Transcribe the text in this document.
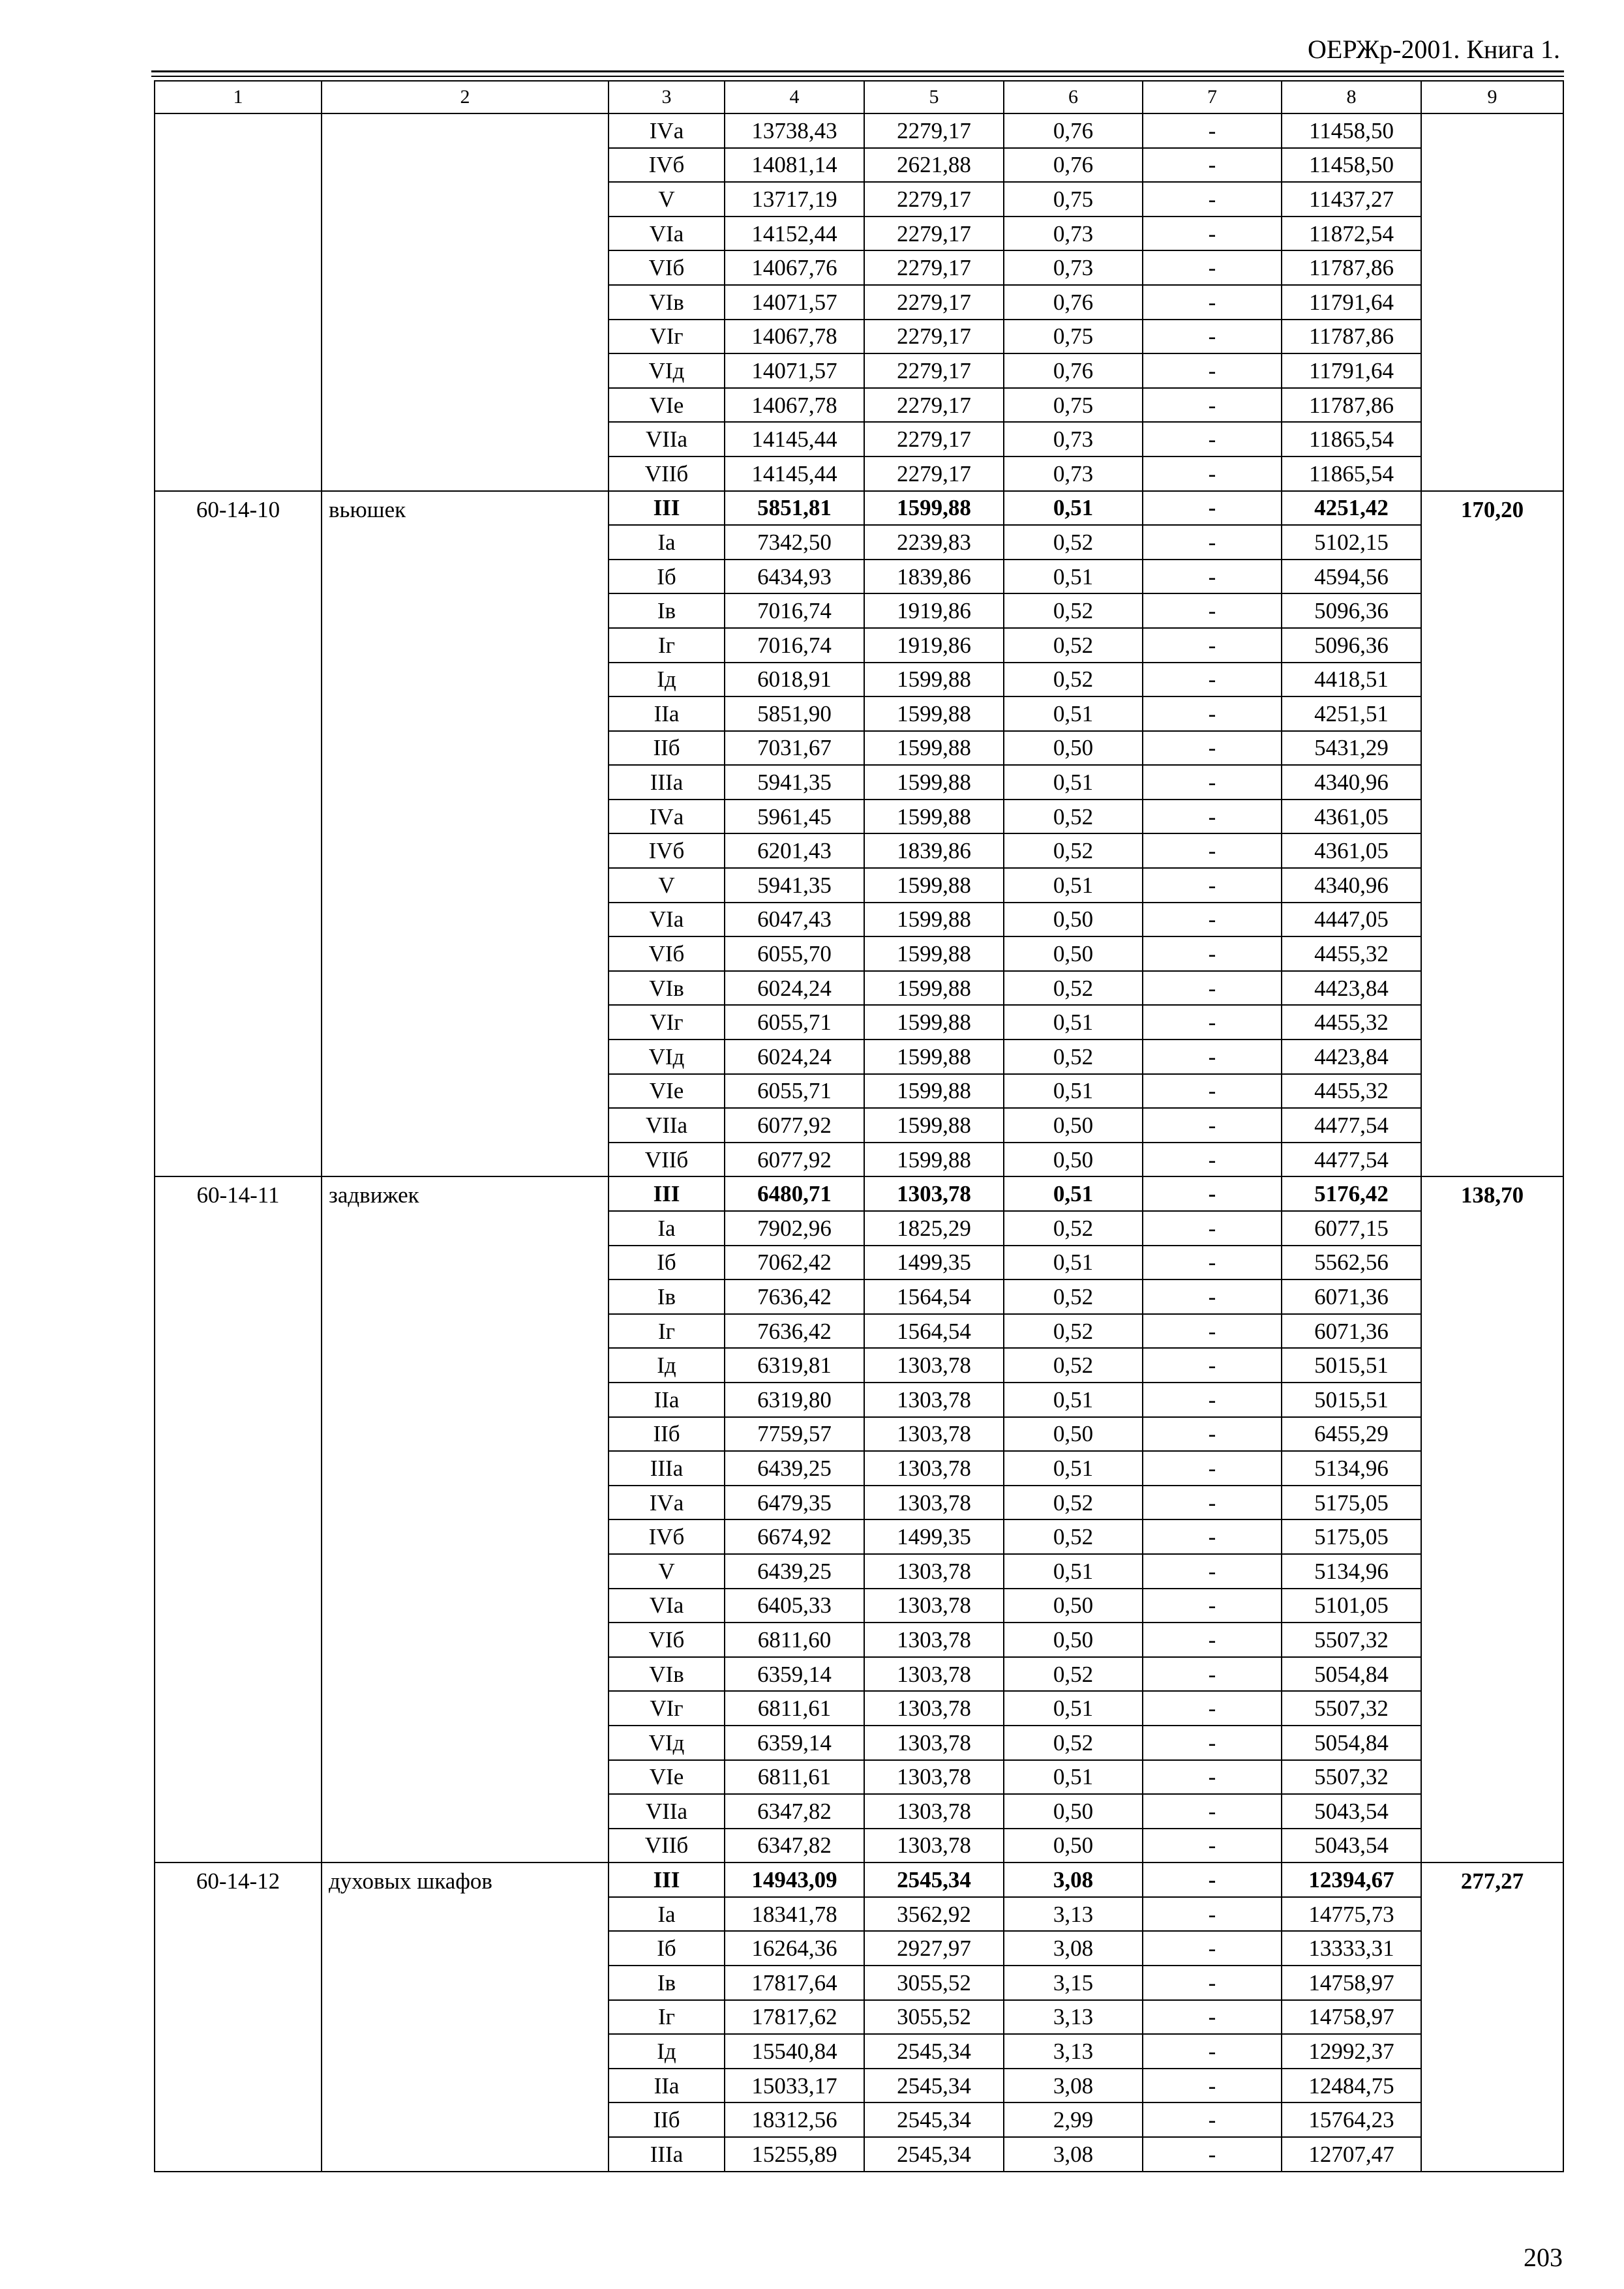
ОЕРЖр-2001. Книга 1.
1	2	3	4	5	6	7	8	9
		IVа	13738,43	2279,17	0,76	-	11458,50	
		IVб	14081,14	2621,88	0,76	-	11458,50	
		V	13717,19	2279,17	0,75	-	11437,27	
		VIа	14152,44	2279,17	0,73	-	11872,54	
		VIб	14067,76	2279,17	0,73	-	11787,86	
		VIв	14071,57	2279,17	0,76	-	11791,64	
		VIг	14067,78	2279,17	0,75	-	11787,86	
		VIд	14071,57	2279,17	0,76	-	11791,64	
		VIе	14067,78	2279,17	0,75	-	11787,86	
		VIIа	14145,44	2279,17	0,73	-	11865,54	
		VIIб	14145,44	2279,17	0,73	-	11865,54	
60-14-10	вьюшек	III	5851,81	1599,88	0,51	-	4251,42	170,20
		Iа	7342,50	2239,83	0,52	-	5102,15	
		Iб	6434,93	1839,86	0,51	-	4594,56	
		Iв	7016,74	1919,86	0,52	-	5096,36	
		Iг	7016,74	1919,86	0,52	-	5096,36	
		Iд	6018,91	1599,88	0,52	-	4418,51	
		IIа	5851,90	1599,88	0,51	-	4251,51	
		IIб	7031,67	1599,88	0,50	-	5431,29	
		IIIа	5941,35	1599,88	0,51	-	4340,96	
		IVа	5961,45	1599,88	0,52	-	4361,05	
		IVб	6201,43	1839,86	0,52	-	4361,05	
		V	5941,35	1599,88	0,51	-	4340,96	
		VIа	6047,43	1599,88	0,50	-	4447,05	
		VIб	6055,70	1599,88	0,50	-	4455,32	
		VIв	6024,24	1599,88	0,52	-	4423,84	
		VIг	6055,71	1599,88	0,51	-	4455,32	
		VIд	6024,24	1599,88	0,52	-	4423,84	
		VIе	6055,71	1599,88	0,51	-	4455,32	
		VIIа	6077,92	1599,88	0,50	-	4477,54	
		VIIб	6077,92	1599,88	0,50	-	4477,54	
60-14-11	задвижек	III	6480,71	1303,78	0,51	-	5176,42	138,70
		Iа	7902,96	1825,29	0,52	-	6077,15	
		Iб	7062,42	1499,35	0,51	-	5562,56	
		Iв	7636,42	1564,54	0,52	-	6071,36	
		Iг	7636,42	1564,54	0,52	-	6071,36	
		Iд	6319,81	1303,78	0,52	-	5015,51	
		IIа	6319,80	1303,78	0,51	-	5015,51	
		IIб	7759,57	1303,78	0,50	-	6455,29	
		IIIа	6439,25	1303,78	0,51	-	5134,96	
		IVа	6479,35	1303,78	0,52	-	5175,05	
		IVб	6674,92	1499,35	0,52	-	5175,05	
		V	6439,25	1303,78	0,51	-	5134,96	
		VIа	6405,33	1303,78	0,50	-	5101,05	
		VIб	6811,60	1303,78	0,50	-	5507,32	
		VIв	6359,14	1303,78	0,52	-	5054,84	
		VIг	6811,61	1303,78	0,51	-	5507,32	
		VIд	6359,14	1303,78	0,52	-	5054,84	
		VIе	6811,61	1303,78	0,51	-	5507,32	
		VIIа	6347,82	1303,78	0,50	-	5043,54	
		VIIб	6347,82	1303,78	0,50	-	5043,54	
60-14-12	духовых шкафов	III	14943,09	2545,34	3,08	-	12394,67	277,27
		Iа	18341,78	3562,92	3,13	-	14775,73	
		Iб	16264,36	2927,97	3,08	-	13333,31	
		Iв	17817,64	3055,52	3,15	-	14758,97	
		Iг	17817,62	3055,52	3,13	-	14758,97	
		Iд	15540,84	2545,34	3,13	-	12992,37	
		IIа	15033,17	2545,34	3,08	-	12484,75	
		IIб	18312,56	2545,34	2,99	-	15764,23	
		IIIа	15255,89	2545,34	3,08	-	12707,47	
203
